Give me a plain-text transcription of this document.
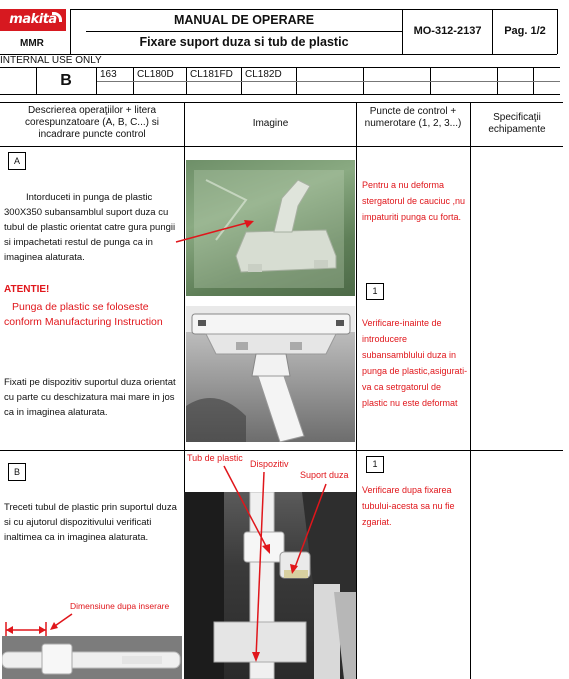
makita
MMR
MANUAL DE OPERARE
Fixare suport duza si tub de plastic
MO-312-2137	Pag. 1/2
INTERNAL USE ONLY
B	163 CL180D CL181FD CL182D
Descrierea operaţiilor + litera corespunzatoare (A, B, C...) si incadrare puncte control
Imagine
Puncte de control + numerotare (1, 2, 3...)
Specificaţii echipamente
A
Intorduceti in punga de plastic 300X350 subansamblul suport duza cu tubul de plastic orientat catre gura pungii si impachetati restul de punga ca in imaginea alaturata.
ATENTIE!
Punga de plastic se foloseste conform Manufacturing Instruction
Fixati pe dispozitiv suportul duza orientat cu parte cu deschizatura mai mare in jos ca in imaginea alaturata.
Pentru a nu deforma stergatorul de cauciuc ,nu impaturiti punga cu forta.
1
Verificare-inainte de introducere subansamblului duza in punga de plastic,asigurati-va ca setrgatorul de plastic nu este deformat
B
Treceti tubul de plastic prin suportul duza si cu ajutorul dispozitivului verificati inaltimea ca in imaginea alaturata.
Dimensiune dupa inserare
Tub de plastic
Dispozitiv
Suport duza
1
Verificare dupa fixarea tubului-acesta sa nu fie zgariat.
